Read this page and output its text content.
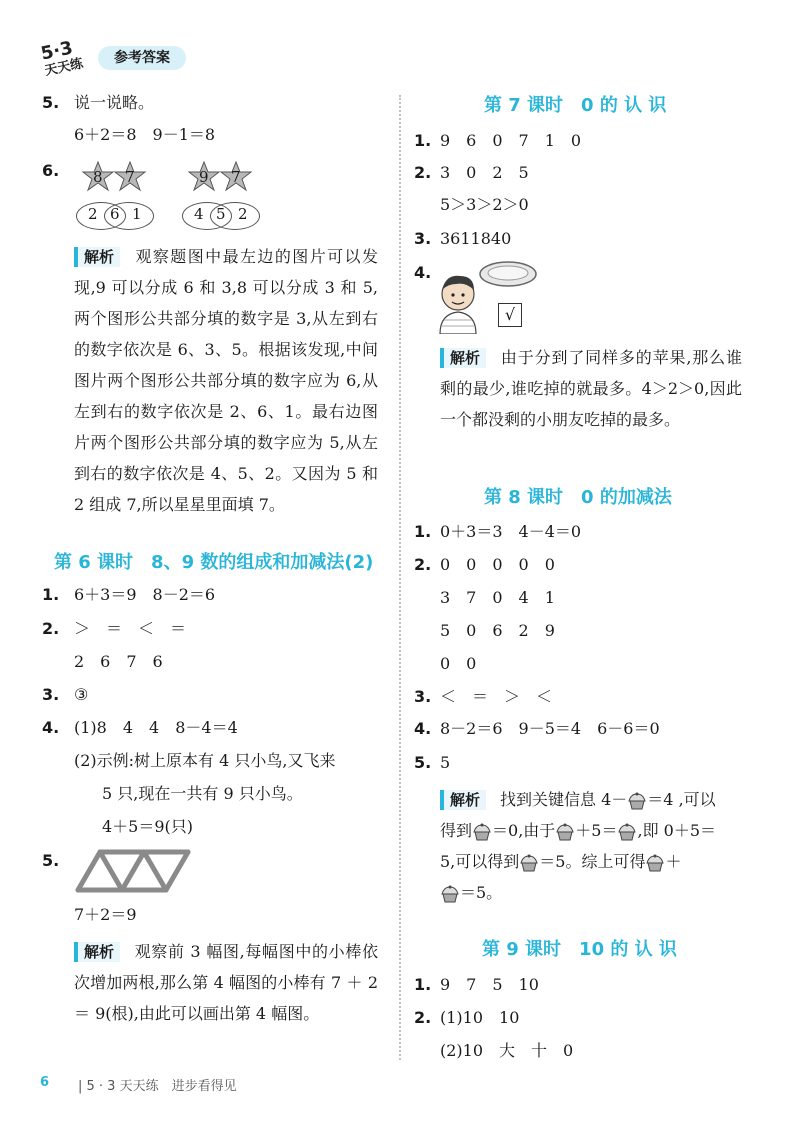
5·3
天天练	参考答案
5. 说一说略。
6＋2＝8　9－1＝8
6. 8 7
2 6 1
9 7
4 5 2
解析 观察题图中最左边的图片可以发现,9 可以分成 6 和 3,8 可以分成 3 和 5,两个图形公共部分填的数字是 3,从左到右的数字依次是 6、3、5。根据该发现,中间图片两个图形公共部分填的数字应为 6,从左到右的数字依次是 2、6、1。最右边图片两个图形公共部分填的数字应为 5,从左到右的数字依次是 4、5、2。又因为 5 和 2 组成 7,所以星星里面填 7。
第 6 课时　8、9 数的组成和加减法(2)
1. 6＋3＝9　8－2＝6
2. ＞　＝　＜　＝
2　6　7　6
3. ③
4. (1)8　4　4　8－4＝4
(2)示例:树上原本有 4 只小鸟,又飞来
5 只,现在一共有 9 只小鸟。
4＋5＝9(只)
5.
7＋2＝9
解析 观察前 3 幅图,每幅图中的小棒依次增加两根,那么第 4 幅图的小棒有 7 ＋ 2 ＝ 9(根),由此可以画出第 4 幅图。
第 7 课时　0 的 认 识
1. 9　6　0　7　1　0
2. 3　0　2　5
5＞3＞2＞0
3. 3611840
4.
√
解析 由于分到了同样多的苹果,那么谁剩的最少,谁吃掉的就最多。4＞2＞0,因此一个都没剩的小朋友吃掉的最多。
第 8 课时　0 的加减法
1. 0＋3＝3　4－4＝0
2. 0　0　0　0　0
3　7　0　4　1
5　0　6　2　9
0　0
3. ＜　＝　＞　＜
4. 8－2＝6　9－5＝4　6－6＝0
5. 5
解析 找到关键信息 4－ ＝4 ,可以
得到 ＝0,由于 ＋5＝ ,即 0＋5＝
5,可以得到 ＝5。综上可得 ＋
＝5。
第 9 课时　10 的 认 识
1. 9　7　5　10
2. (1)10　10
(2)10　大　十　0
6 | 5 · 3 天天练　进步看得见
